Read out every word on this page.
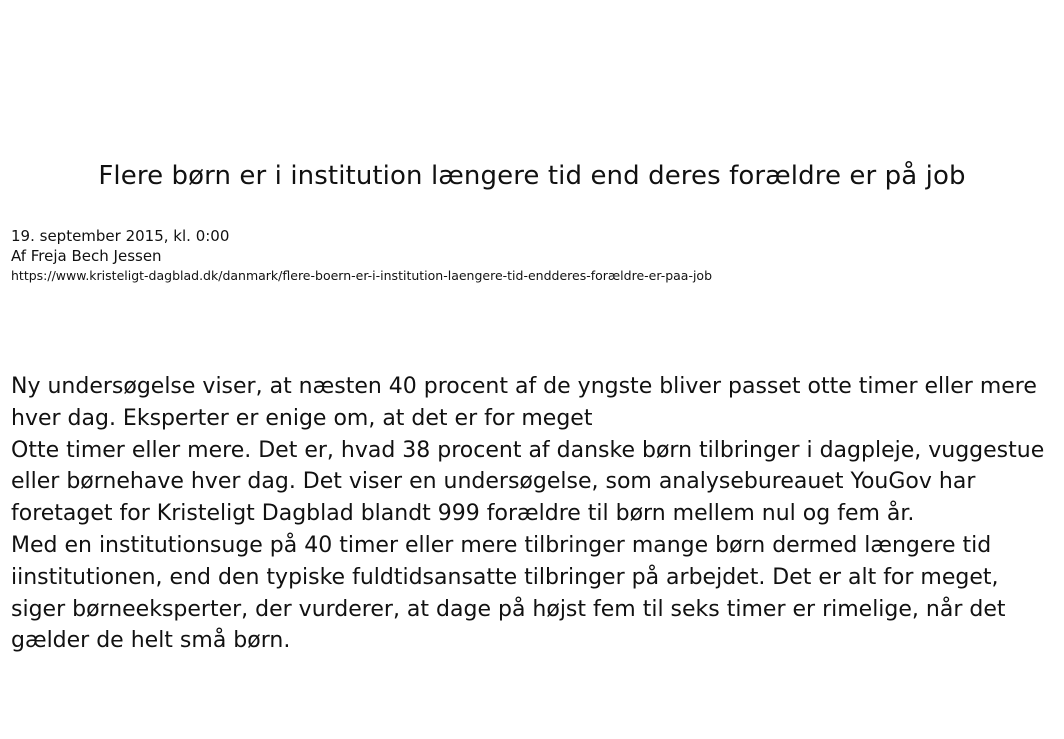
Flere børn er i institution længere tid end deres forældre er på job
19. september 2015, kl. 0:00
Af Freja Bech Jessen
https://www.kristeligt-dagblad.dk/danmark/flere-boern-er-i-institution-laengere-tid-endderes-forældre-er-paa-job

Ny undersøgelse viser, at næsten 40 procent af de yngste bliver passet otte timer eller mere hver dag. Eksperter er enige om, at det er for meget

Otte timer eller mere. Det er, hvad 38 procent af danske børn tilbringer i dagpleje, vuggestue eller børnehave hver dag. Det viser en undersøgelse, som analysebureauet YouGov har foretaget for Kristeligt Dagblad blandt 999 forældre til børn mellem nul og fem år.

Med en institutionsuge på 40 timer eller mere tilbringer mange børn dermed længere tid iinstitutionen, end den typiske fuldtidsansatte tilbringer på arbejdet. Det er alt for meget, siger børneeksperter, der vurderer, at dage på højst fem til seks timer er rimelige, når det gælder de helt små børn.
